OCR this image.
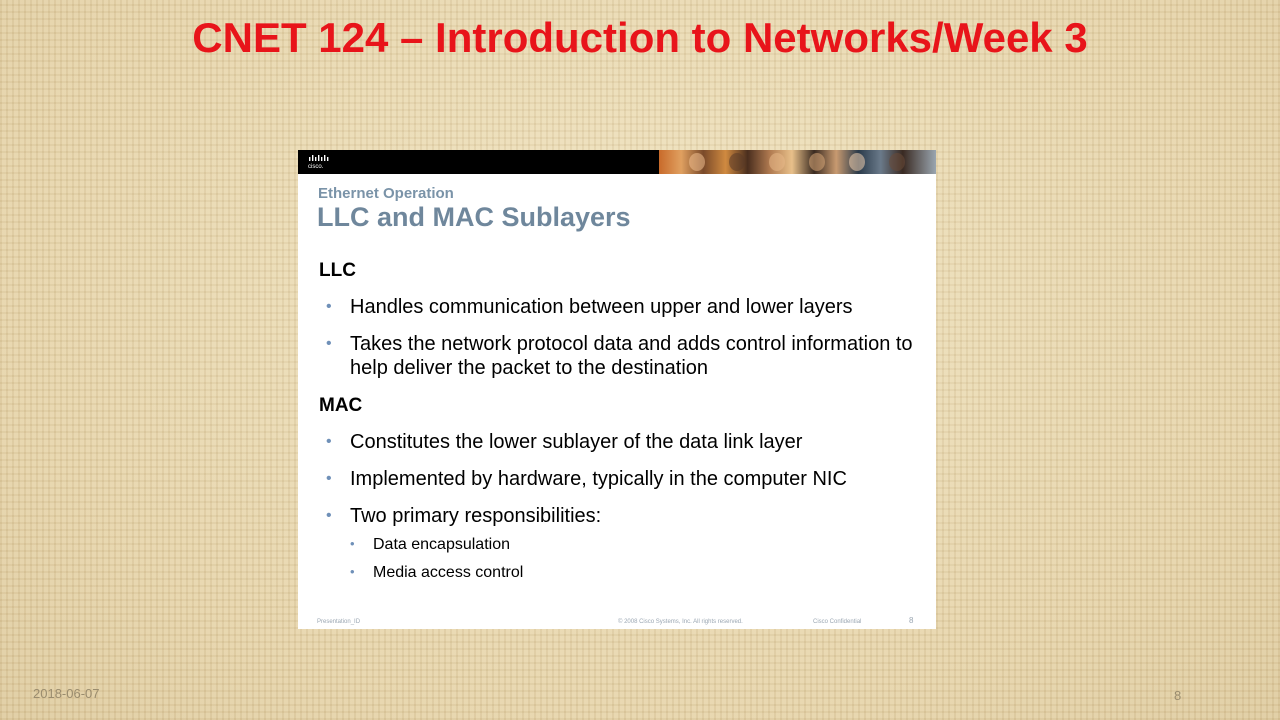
CNET 124 – Introduction to Networks/Week 3
cisco.
Ethernet Operation
LLC and MAC Sublayers
LLC
• Handles communication between upper and lower layers
• Takes the network protocol data and adds control information to help deliver the packet to the destination
MAC
• Constitutes the lower sublayer of the data link layer
• Implemented by hardware, typically in the computer NIC
• Two primary responsibilities:
• Data encapsulation
• Media access control
Presentation_ID	© 2008 Cisco Systems, Inc. All rights reserved.	Cisco Confidential	8
2018-06-07	8
